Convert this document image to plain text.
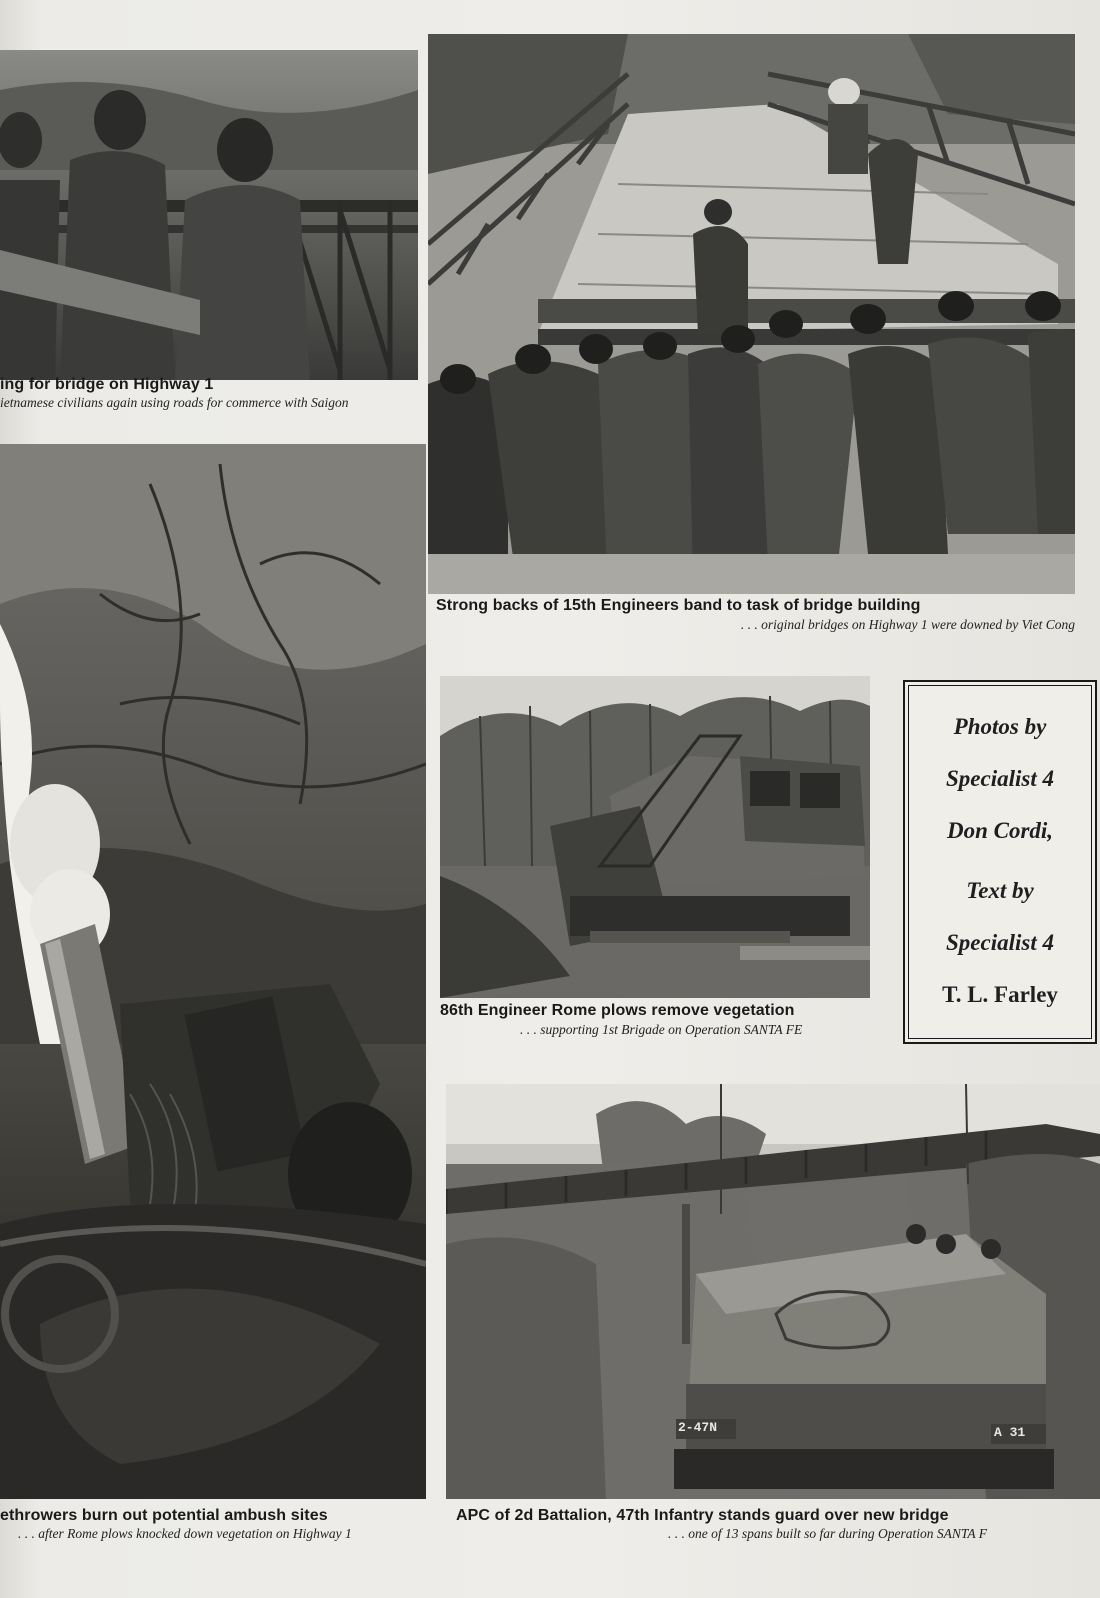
ing for bridge on Highway 1
ietnamese civilians again using roads for commerce with Saigon
Strong backs of 15th Engineers band to task of bridge building
. . . original bridges on Highway 1 were downed by Viet Cong
86th Engineer Rome plows remove vegetation
. . . supporting 1st Brigade on Operation SANTA FE
Photos by
Specialist 4
Don Cordi,
Text by
Specialist 4
T. L. Farley
ethrowers burn out potential ambush sites
. . . after Rome plows knocked down vegetation on Highway 1
2-47N	A 31
APC of 2d Battalion, 47th Infantry stands guard over new bridge
. . . one of 13 spans built so far during Operation SANTA F
